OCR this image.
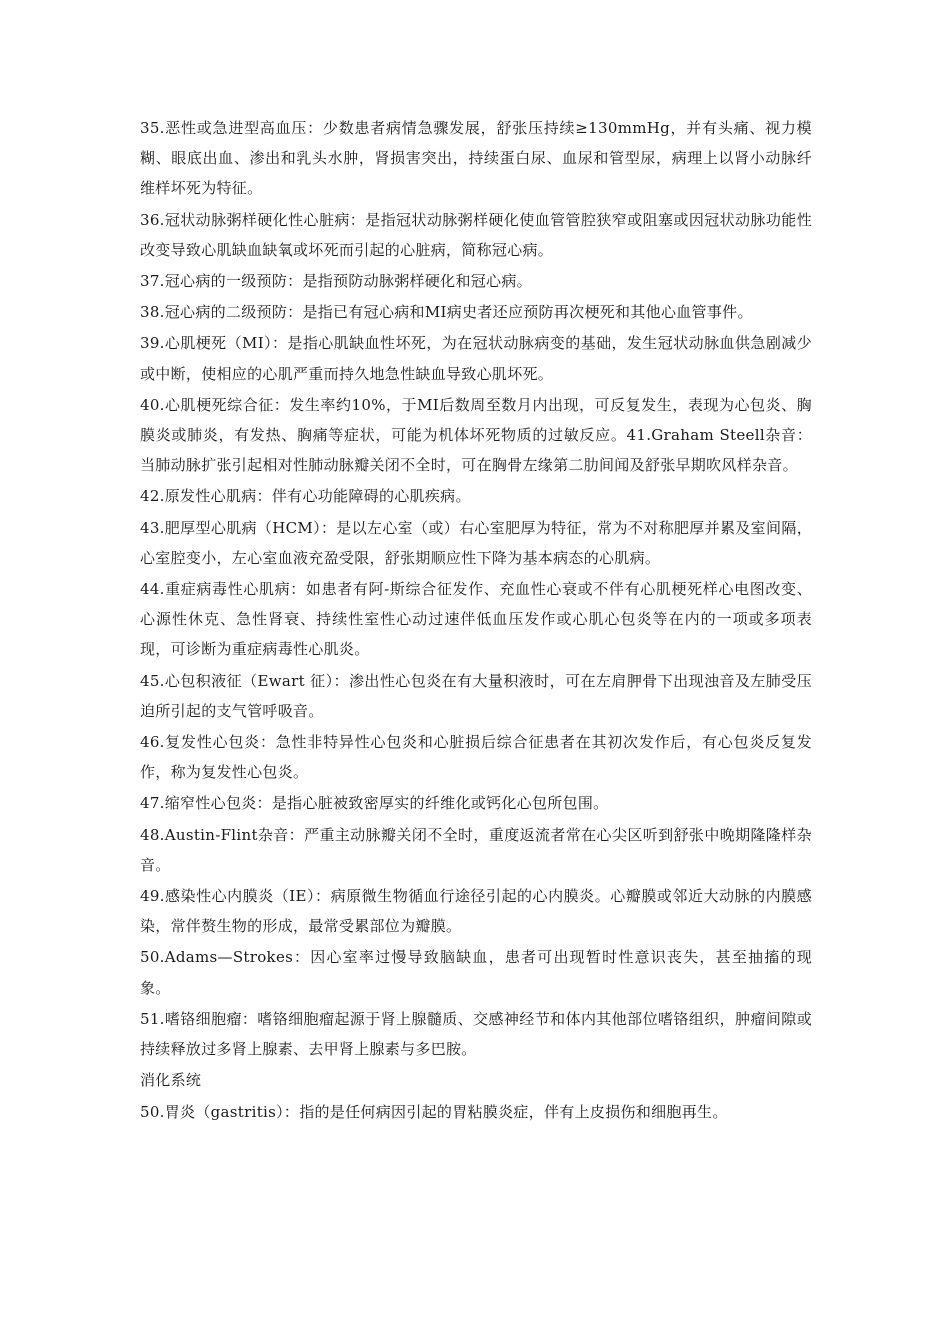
35.恶性或急进型高血压：少数患者病情急骤发展，舒张压持续≥130mmHg，并有头痛、视力模糊、眼底出血、渗出和乳头水肿，肾损害突出，持续蛋白尿、血尿和管型尿，病理上以肾小动脉纤维样坏死为特征。

36.冠状动脉粥样硬化性心脏病：是指冠状动脉粥样硬化使血管管腔狭窄或阻塞或因冠状动脉功能性改变导致心肌缺血缺氧或坏死而引起的心脏病，简称冠心病。

37.冠心病的一级预防：是指预防动脉粥样硬化和冠心病。

38.冠心病的二级预防：是指已有冠心病和MI病史者还应预防再次梗死和其他心血管事件。

39.心肌梗死（MI）：是指心肌缺血性坏死，为在冠状动脉病变的基础，发生冠状动脉血供急剧减少或中断，使相应的心肌严重而持久地急性缺血导致心肌坏死。

40.心肌梗死综合征：发生率约10%，于MI后数周至数月内出现，可反复发生，表现为心包炎、胸膜炎或肺炎，有发热、胸痛等症状，可能为机体坏死物质的过敏反应。41.Graham Steell杂音：当肺动脉扩张引起相对性肺动脉瓣关闭不全时，可在胸骨左缘第二肋间闻及舒张早期吹风样杂音。

42.原发性心肌病：伴有心功能障碍的心肌疾病。

43.肥厚型心肌病（HCM）：是以左心室（或）右心室肥厚为特征，常为不对称肥厚并累及室间隔，心室腔变小，左心室血液充盈受限，舒张期顺应性下降为基本病态的心肌病。

44.重症病毒性心肌病：如患者有阿-斯综合征发作、充血性心衰或不伴有心肌梗死样心电图改变、心源性休克、急性肾衰、持续性室性心动过速伴低血压发作或心肌心包炎等在内的一项或多项表现，可诊断为重症病毒性心肌炎。

45.心包积液征（Ewart 征）：渗出性心包炎在有大量积液时，可在左肩胛骨下出现浊音及左肺受压迫所引起的支气管呼吸音。

46.复发性心包炎：急性非特异性心包炎和心脏损后综合征患者在其初次发作后，有心包炎反复发作，称为复发性心包炎。

47.缩窄性心包炎：是指心脏被致密厚实的纤维化或钙化心包所包围。

48.Austin-Flint杂音：严重主动脉瓣关闭不全时，重度返流者常在心尖区听到舒张中晚期隆隆样杂音。

49.感染性心内膜炎（IE）：病原微生物循血行途径引起的心内膜炎。心瓣膜或邻近大动脉的内膜感染，常伴赘生物的形成，最常受累部位为瓣膜。

50.Adams—Strokes：因心室率过慢导致脑缺血，患者可出现暂时性意识丧失，甚至抽搐的现象。

51.嗜铬细胞瘤：嗜铬细胞瘤起源于肾上腺髓质、交感神经节和体内其他部位嗜铬组织，肿瘤间隙或持续释放过多肾上腺素、去甲肾上腺素与多巴胺。

消化系统

50.胃炎（gastritis）：指的是任何病因引起的胃粘膜炎症，伴有上皮损伤和细胞再生。
